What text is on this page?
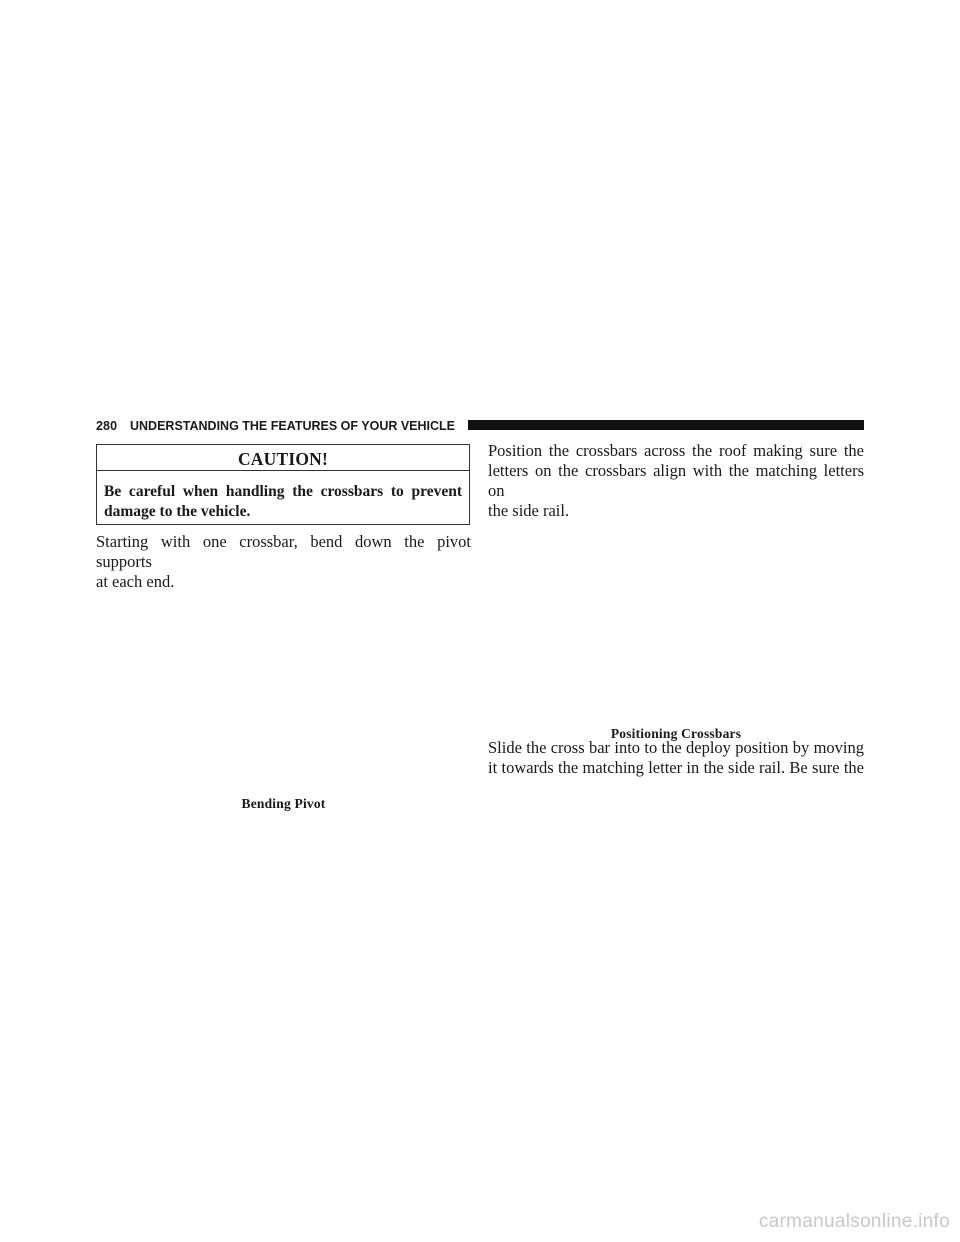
280 UNDERSTANDING THE FEATURES OF YOUR VEHICLE
CAUTION!
Be careful when handling the crossbars to prevent damage to the vehicle.
Starting with one crossbar, bend down the pivot supports
at each end.
Bending Pivot
Position the crossbars across the roof making sure the
letters on the crossbars align with the matching letters on
the side rail.
Positioning Crossbars
Slide the cross bar into to the deploy position by moving
it towards the matching letter in the side rail. Be sure the
carmanualsonline.info
